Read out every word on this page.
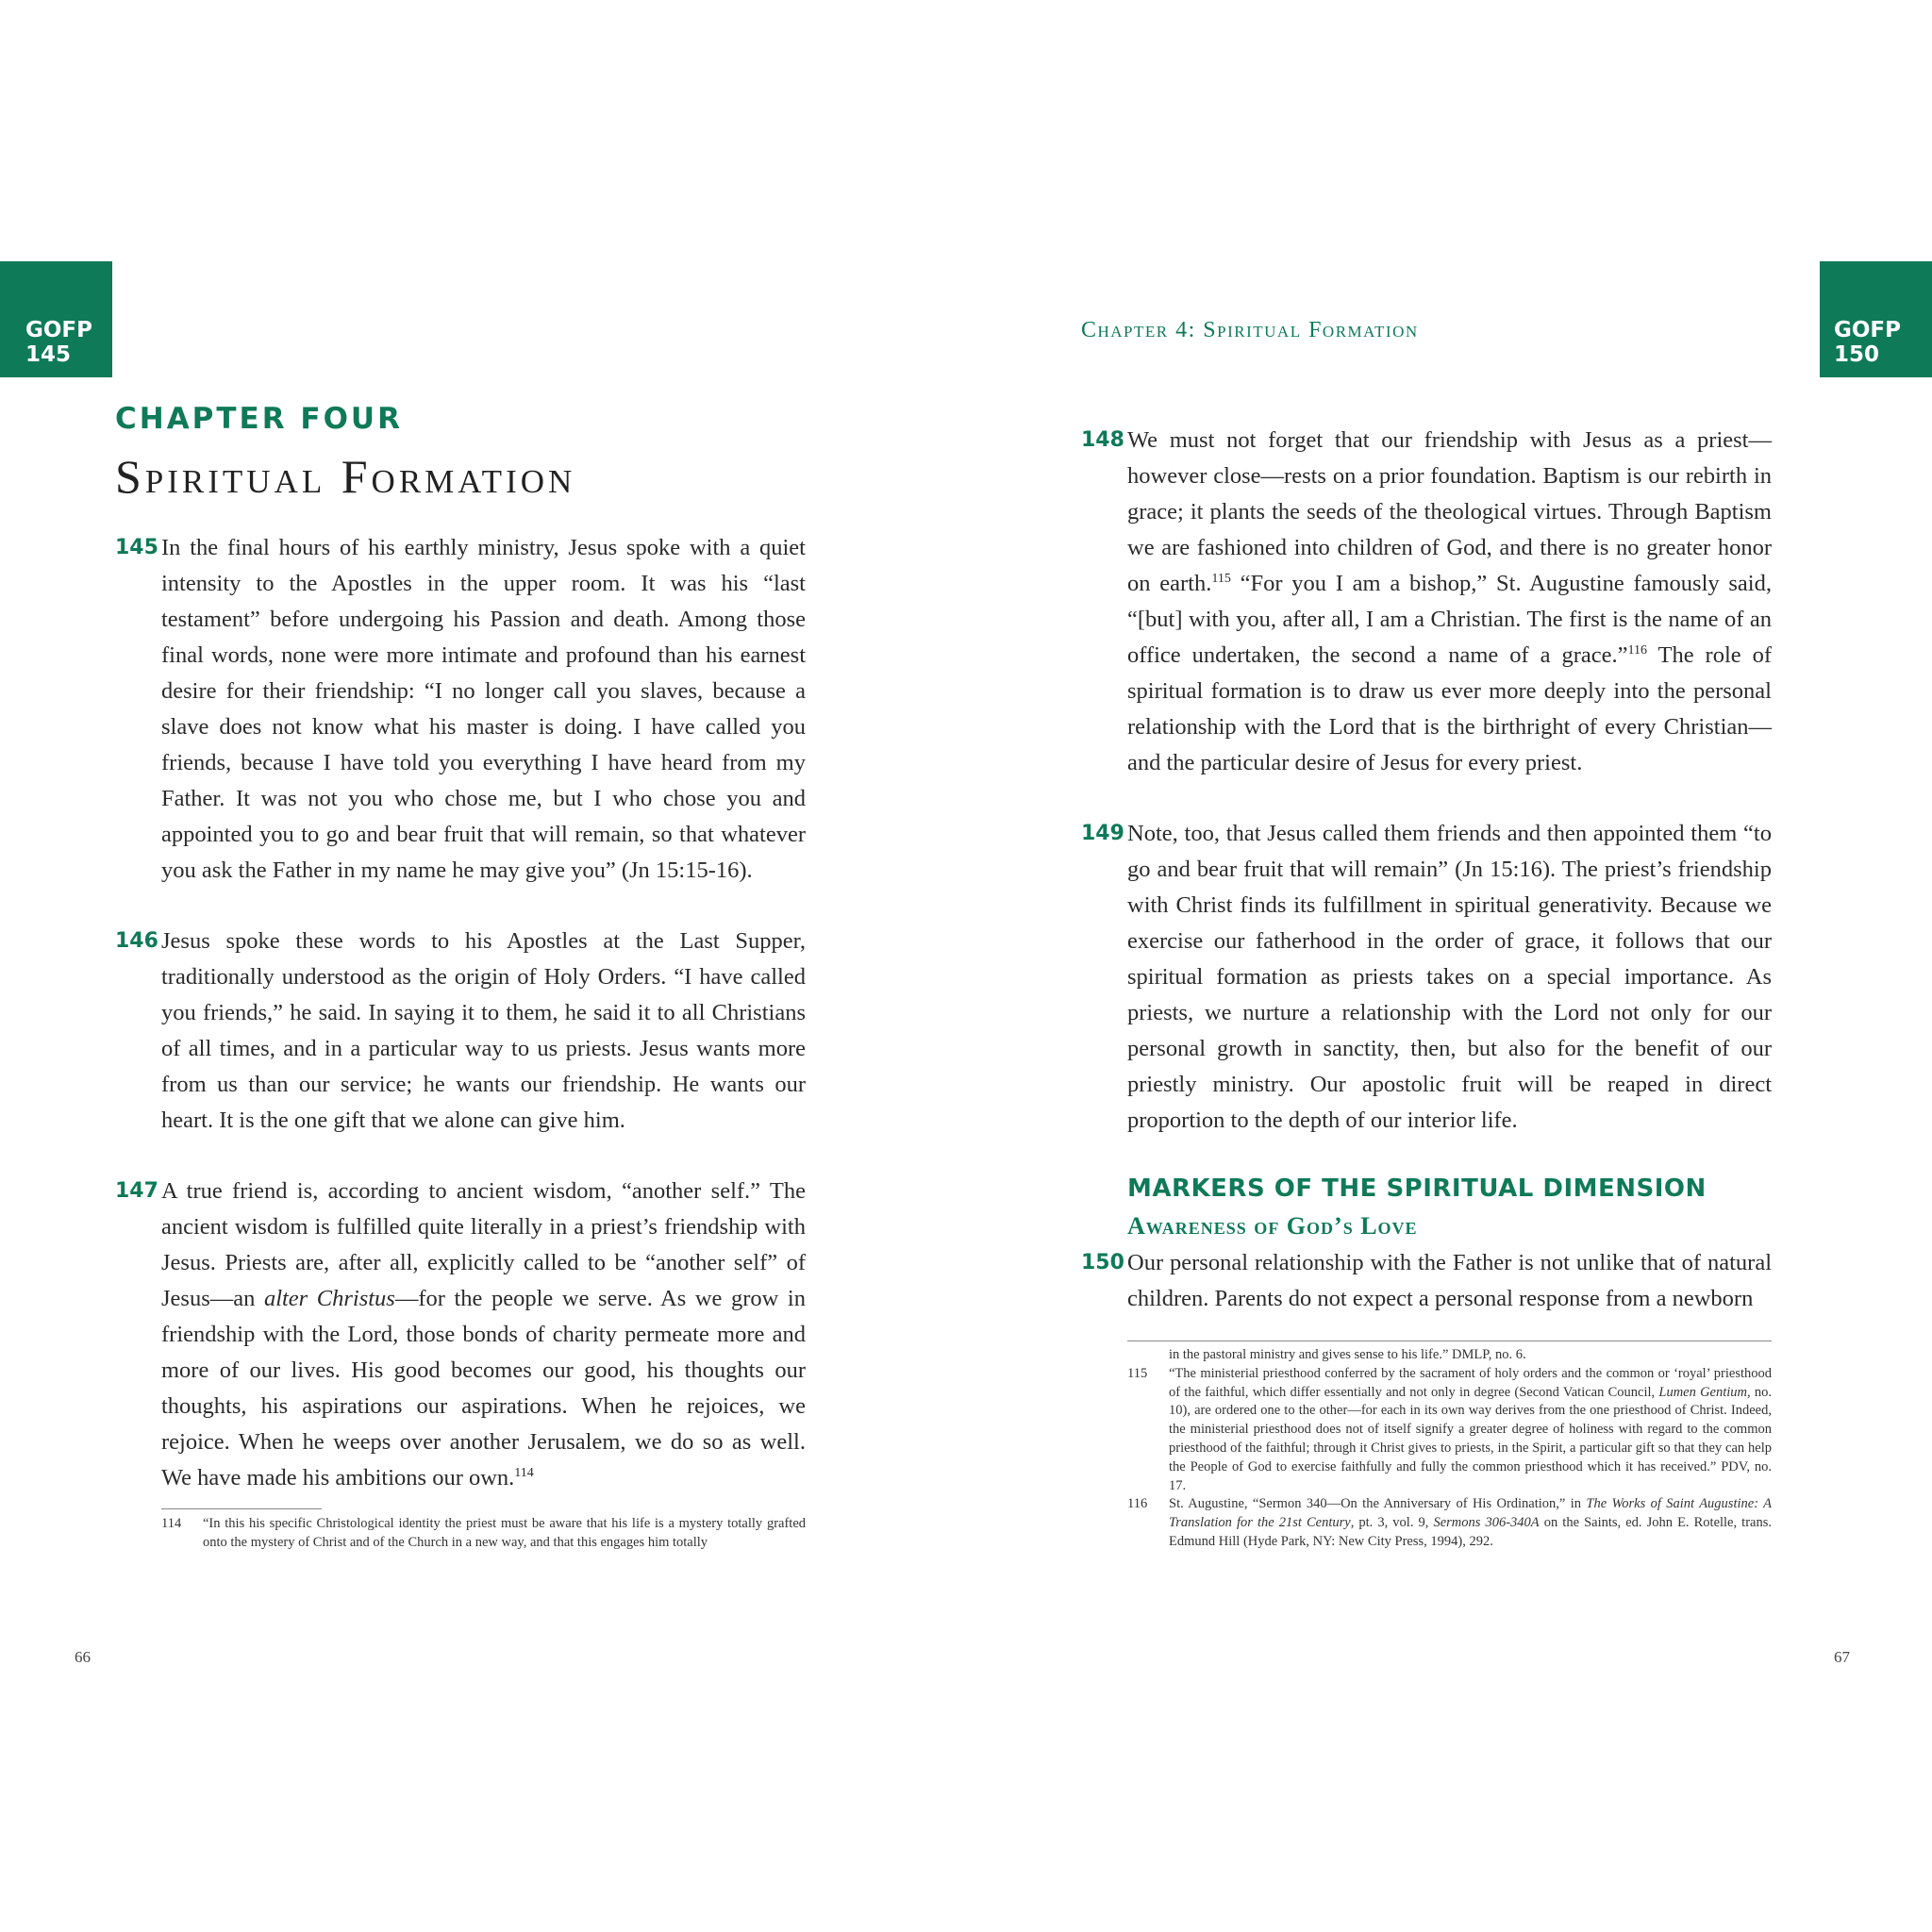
GOFP
145
GOFP
150
Chapter 4: Spiritual Formation
CHAPTER FOUR
Spiritual Formation
145 In the final hours of his earthly ministry, Jesus spoke with a quiet intensity to the Apostles in the upper room. It was his “last testament” before undergoing his Passion and death. Among those final words, none were more intimate and profound than his earnest desire for their friendship: “I no longer call you slaves, because a slave does not know what his master is doing. I have called you friends, because I have told you everything I have heard from my Father. It was not you who chose me, but I who chose you and appointed you to go and bear fruit that will remain, so that whatever you ask the Father in my name he may give you” (Jn 15:15-16).
146 Jesus spoke these words to his Apostles at the Last Supper, traditionally understood as the origin of Holy Orders. “I have called you friends,” he said. In saying it to them, he said it to all Christians of all times, and in a particular way to us priests. Jesus wants more from us than our service; he wants our friendship. He wants our heart. It is the one gift that we alone can give him.
147 A true friend is, according to ancient wisdom, “another self.” The ancient wisdom is fulfilled quite literally in a priest’s friendship with Jesus. Priests are, after all, explicitly called to be “another self” of Jesus—an alter Christus—for the people we serve. As we grow in friendship with the Lord, those bonds of charity permeate more and more of our lives. His good becomes our good, his thoughts our thoughts, his aspirations our aspirations. When he rejoices, we rejoice. When he weeps over another Jerusalem, we do so as well. We have made his ambitions our own.$^{114}$
114 “In this his specific Christological identity the priest must be aware that his life is a mystery totally grafted onto the mystery of Christ and of the Church in a new way, and that this engages him totally
66
148 We must not forget that our friendship with Jesus as a priest—however close—rests on a prior foundation. Baptism is our rebirth in grace; it plants the seeds of the theological virtues. Through Baptism we are fashioned into children of God, and there is no greater honor on earth.$^{115}$ “For you I am a bishop,” St. Augustine famously said, “[but] with you, after all, I am a Christian. The first is the name of an office undertaken, the second a name of a grace.”$^{116}$ The role of spiritual formation is to draw us ever more deeply into the personal relationship with the Lord that is the birthright of every Christian—and the particular desire of Jesus for every priest.
149 Note, too, that Jesus called them friends and then appointed them “to go and bear fruit that will remain” (Jn 15:16). The priest’s friendship with Christ finds its fulfillment in spiritual generativity. Because we exercise our fatherhood in the order of grace, it follows that our spiritual formation as priests takes on a special importance. As priests, we nurture a relationship with the Lord not only for our personal growth in sanctity, then, but also for the benefit of our priestly ministry. Our apostolic fruit will be reaped in direct proportion to the depth of our interior life.
MARKERS OF THE SPIRITUAL DIMENSION
Awareness of God’s Love
150 Our personal relationship with the Father is not unlike that of natural children. Parents do not expect a personal response from a newborn
in the pastoral ministry and gives sense to his life.” DMLP, no. 6.
115 “The ministerial priesthood conferred by the sacrament of holy orders and the common or ‘royal’ priesthood of the faithful, which differ essentially and not only in degree (Second Vatican Council, Lumen Gentium, no. 10), are ordered one to the other—for each in its own way derives from the one priesthood of Christ. Indeed, the ministerial priesthood does not of itself signify a greater degree of holiness with regard to the common priesthood of the faithful; through it Christ gives to priests, in the Spirit, a particular gift so that they can help the People of God to exercise faithfully and fully the common priesthood which it has received.” PDV, no. 17.
116 St. Augustine, “Sermon 340—On the Anniversary of His Ordination,” in The Works of Saint Augustine: A Translation for the 21st Century, pt. 3, vol. 9, Sermons 306-340A on the Saints, ed. John E. Rotelle, trans. Edmund Hill (Hyde Park, NY: New City Press, 1994), 292.
67
